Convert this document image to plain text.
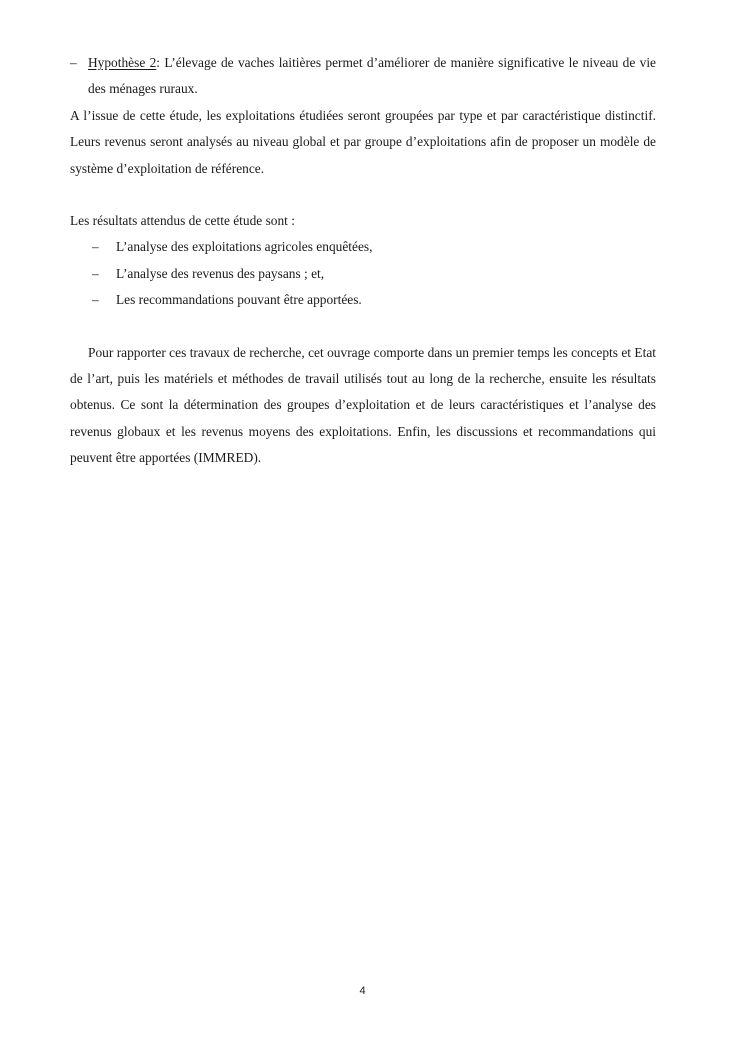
– Hypothèse 2: L’élevage de vaches laitières permet d’améliorer de manière significative le niveau de vie des ménages ruraux.
A l’issue de cette étude, les exploitations étudiées seront groupées par type et par caractéristique distinctif. Leurs revenus seront analysés au niveau global et par groupe d’exploitations afin de proposer un modèle de système d’exploitation de référence.
Les résultats attendus de cette étude sont :
– L’analyse des exploitations agricoles enquêtées,
– L’analyse des revenus des paysans ; et,
– Les recommandations pouvant être apportées.
Pour rapporter ces travaux de recherche, cet ouvrage comporte dans un premier temps les concepts et Etat de l’art, puis les matériels et méthodes de travail utilisés tout au long de la recherche, ensuite les résultats obtenus. Ce sont la détermination des groupes d’exploitation et de leurs caractéristiques et l’analyse des revenus globaux et les revenus moyens des exploitations. Enfin, les discussions et recommandations qui peuvent être apportées (IMMRED).
4
